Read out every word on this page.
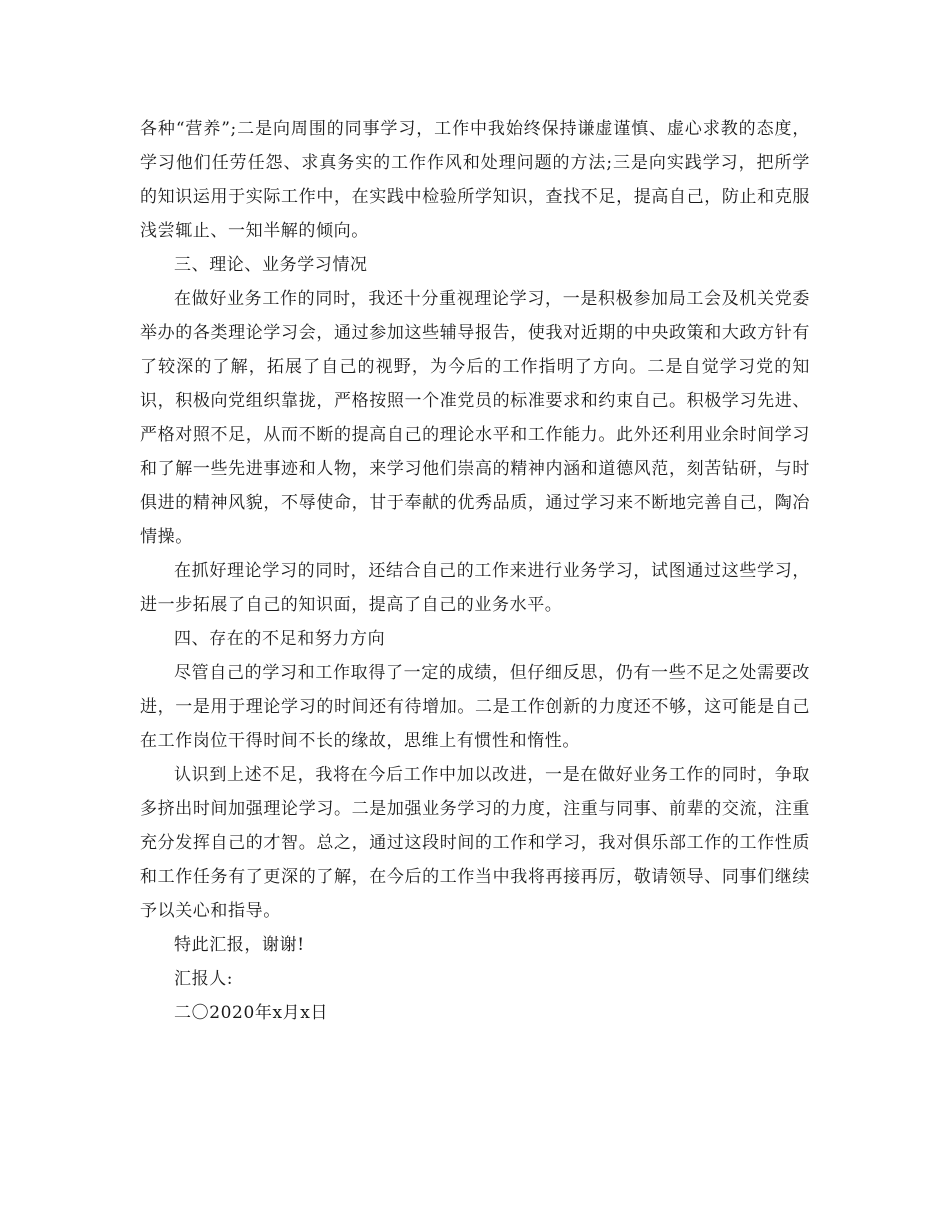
各种“营养”;二是向周围的同事学习，工作中我始终保持谦虚谨慎、虚心求教的态度，学习他们任劳任怨、求真务实的工作作风和处理问题的方法;三是向实践学习，把所学的知识运用于实际工作中，在实践中检验所学知识，查找不足，提高自己，防止和克服浅尝辄止、一知半解的倾向。

三、理论、业务学习情况

在做好业务工作的同时，我还十分重视理论学习，一是积极参加局工会及机关党委举办的各类理论学习会，通过参加这些辅导报告，使我对近期的中央政策和大政方针有了较深的了解，拓展了自己的视野，为今后的工作指明了方向。二是自觉学习党的知识，积极向党组织靠拢，严格按照一个准党员的标准要求和约束自己。积极学习先进、严格对照不足，从而不断的提高自己的理论水平和工作能力。此外还利用业余时间学习和了解一些先进事迹和人物，来学习他们崇高的精神内涵和道德风范，刻苦钻研，与时俱进的精神风貌，不辱使命，甘于奉献的优秀品质，通过学习来不断地完善自己，陶冶情操。

在抓好理论学习的同时，还结合自己的工作来进行业务学习，试图通过这些学习，进一步拓展了自己的知识面，提高了自己的业务水平。

四、存在的不足和努力方向

尽管自己的学习和工作取得了一定的成绩，但仔细反思，仍有一些不足之处需要改进，一是用于理论学习的时间还有待增加。二是工作创新的力度还不够，这可能是自己在工作岗位干得时间不长的缘故，思维上有惯性和惰性。

认识到上述不足，我将在今后工作中加以改进，一是在做好业务工作的同时，争取多挤出时间加强理论学习。二是加强业务学习的力度，注重与同事、前辈的交流，注重充分发挥自己的才智。总之，通过这段时间的工作和学习，我对俱乐部工作的工作性质和工作任务有了更深的了解，在今后的工作当中我将再接再厉，敬请领导、同事们继续予以关心和指导。

特此汇报，谢谢!

汇报人:

二〇2020年x月x日
